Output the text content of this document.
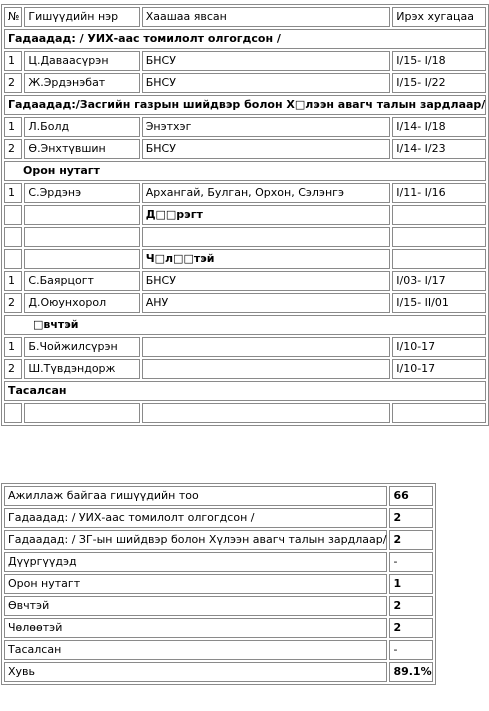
№	Гишүүдийн нэр	Хаашаа явсан	Ирэх хугацаа
Гадаадад: / УИХ-аас томилолт олгогдсон /			
1	Ц.Даваасүрэн	БНСУ	I/15- I/18
2	Ж.Эрдэнэбат	БНСУ	I/15- I/22
Гадаадад:/Засгийн газрын шийдвэр болон Х□лээн авагч талын зардлаар/			
1	Л.Болд	Энэтхэг	I/14- I/18
2	Ө.Энхтүвшин	БНСУ	I/14- I/23
Орон нутагт			
1	С.Эрдэнэ	Архангай, Булган, Орхон, Сэлэнгэ	I/11- I/16
		Д□□рэгт	

		Ч□л□□тэй	
1	С.Баярцогт	БНСУ	I/03- I/17
2	Д.Оюунхорол	АНУ	I/15- II/01
□вчтэй			
1	Б.Чойжилсүрэн		I/10-17
2	Ш.Түвдэндорж		I/10-17
Тасалсан			

Ажиллаж байгаа гишүүдийн тоо	66
Гадаадад: / УИХ-аас томилолт олгогдсон /	2
Гадаадад: / ЗГ-ын шийдвэр болон Хүлээн авагч талын зардлаар/	2
Дүүргүүдэд	-
Орон нутагт	1
Өвчтэй	2
Чөлөөтэй	2
Тасалсан	-
Хувь	89.1%
